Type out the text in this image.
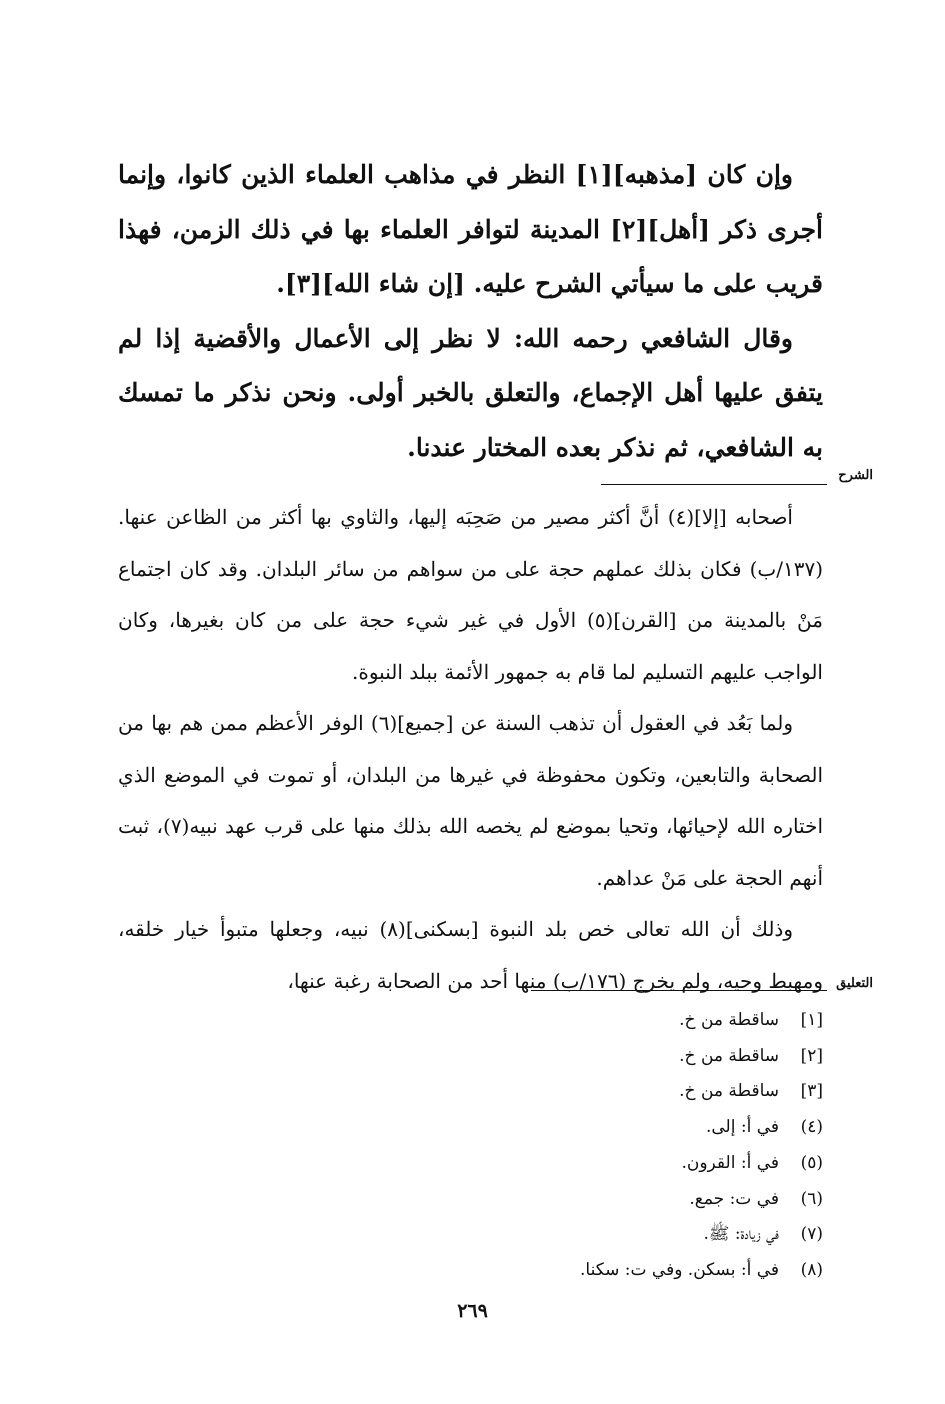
وإن كان [مذهبه][١] النظر في مذاهب العلماء الذين كانوا، وإنما أجرى ذكر [أهل][٢] المدينة لتوافر العلماء بها في ذلك الزمن، فهذا قريب على ما سيأتي الشرح عليه. [إن شاء الله][٣].

وقال الشافعي رحمه الله: لا نظر إلى الأعمال والأقضية إذا لم يتفق عليها أهل الإجماع، والتعلق بالخبر أولى. ونحن نذكر ما تمسك به الشافعي، ثم نذكر بعده المختار عندنا.

الشرح

أصحابه [إلا](٤) أنَّ أكثر مصير من صَحِبَه إليها، والثاوي بها أكثر من الظاعن عنها. (١٣٧/ب) فكان بذلك عملهم حجة على من سواهم من سائر البلدان. وقد كان اجتماع مَنْ بالمدينة من [القرن](٥) الأول في غير شيء حجة على من كان بغيرها، وكان الواجب عليهم التسليم لما قام به جمهور الأئمة ببلد النبوة.

ولما بَعُد في العقول أن تذهب السنة عن [جميع](٦) الوفر الأعظم ممن هم بها من الصحابة والتابعين، وتكون محفوظة في غيرها من البلدان، أو تموت في الموضع الذي اختاره الله لإحيائها، وتحيا بموضع لم يخصه الله بذلك منها على قرب عهد نبيه(٧)، ثبت أنهم الحجة على مَنْ عداهم.

وذلك أن الله تعالى خص بلد النبوة [بسكنى](٨) نبيه، وجعلها متبوأ خيار خلقه، ومهبط وحيه، ولم يخرج (١٧٦/ب) منها أحد من الصحابة رغبة عنها، التعليق
[١]ساقطة من خ.
[٢]ساقطة من خ.
[٣]ساقطة من خ.
(٤)في أ: إلى.
(٥)في أ: القرون.
(٦)في ت: جمع.
(٧)في زيادة: ﷺ.
(٨)في أ: بسكن. وفي ت: سكنا.
٢٦٩
